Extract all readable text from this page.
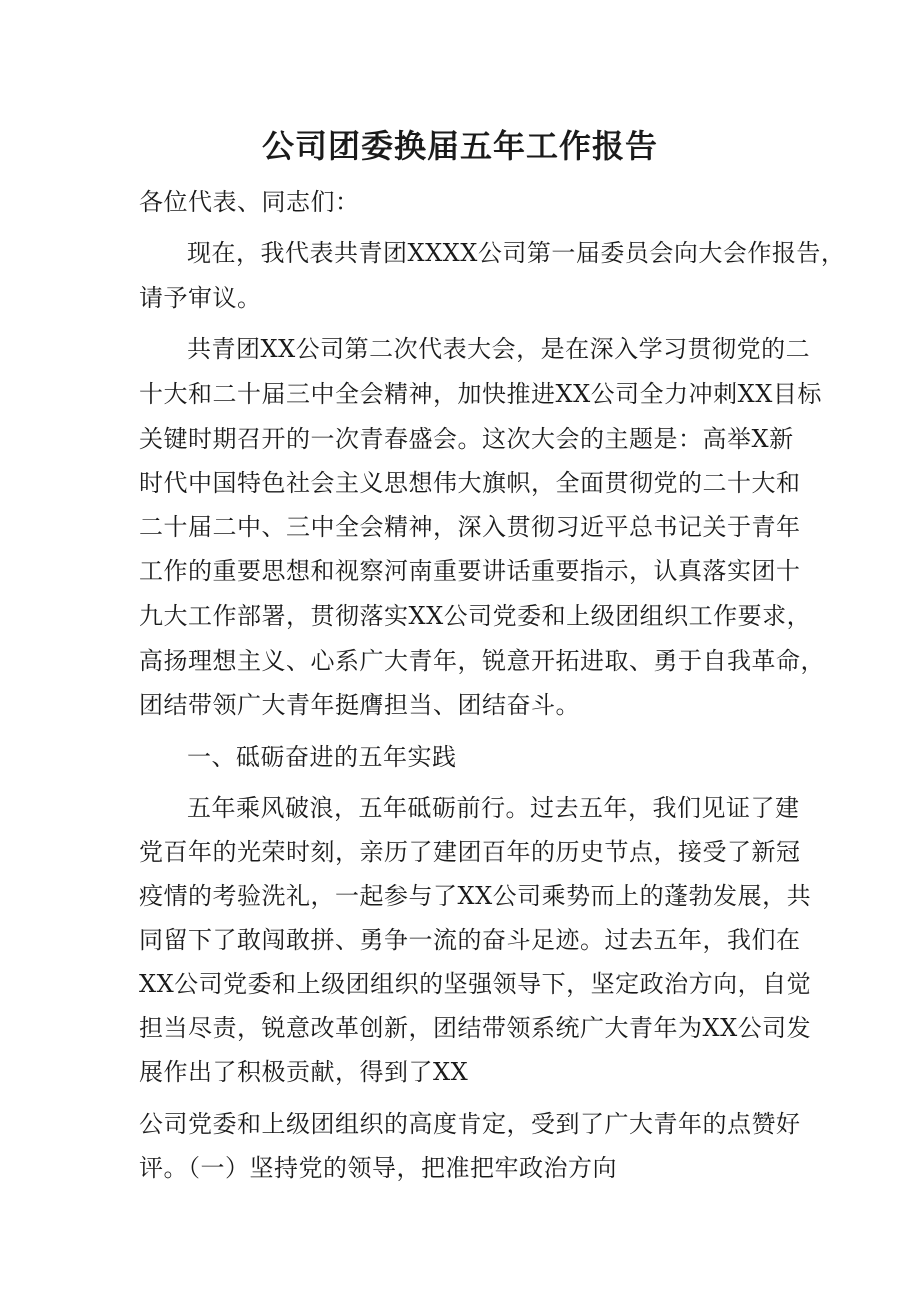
公司团委换届五年工作报告

各位代表、同志们：

现在，我代表共青团XXXX公司第一届委员会向大会作报告，

请予审议。

共青团XX公司第二次代表大会，是在深入学习贯彻党的二

十大和二十届三中全会精神，加快推进XX公司全力冲刺XX目标

关键时期召开的一次青春盛会。这次大会的主题是：高举X新

时代中国特色社会主义思想伟大旗帜，全面贯彻党的二十大和

二十届二中、三中全会精神，深入贯彻习近平总书记关于青年

工作的重要思想和视察河南重要讲话重要指示，认真落实团十

九大工作部署，贯彻落实XX公司党委和上级团组织工作要求，

高扬理想主义、心系广大青年，锐意开拓进取、勇于自我革命，

团结带领广大青年挺膺担当、团结奋斗。

一、砥砺奋进的五年实践

五年乘风破浪，五年砥砺前行。过去五年，我们见证了建

党百年的光荣时刻，亲历了建团百年的历史节点，接受了新冠

疫情的考验洗礼，一起参与了XX公司乘势而上的蓬勃发展，共

同留下了敢闯敢拼、勇争一流的奋斗足迹。过去五年，我们在

XX公司党委和上级团组织的坚强领导下，坚定政治方向，自觉

担当尽责，锐意改革创新，团结带领系统广大青年为XX公司发

展作出了积极贡献，得到了XX

公司党委和上级团组织的高度肯定，受到了广大青年的点赞好

评。（一）坚持党的领导，把准把牢政治方向
